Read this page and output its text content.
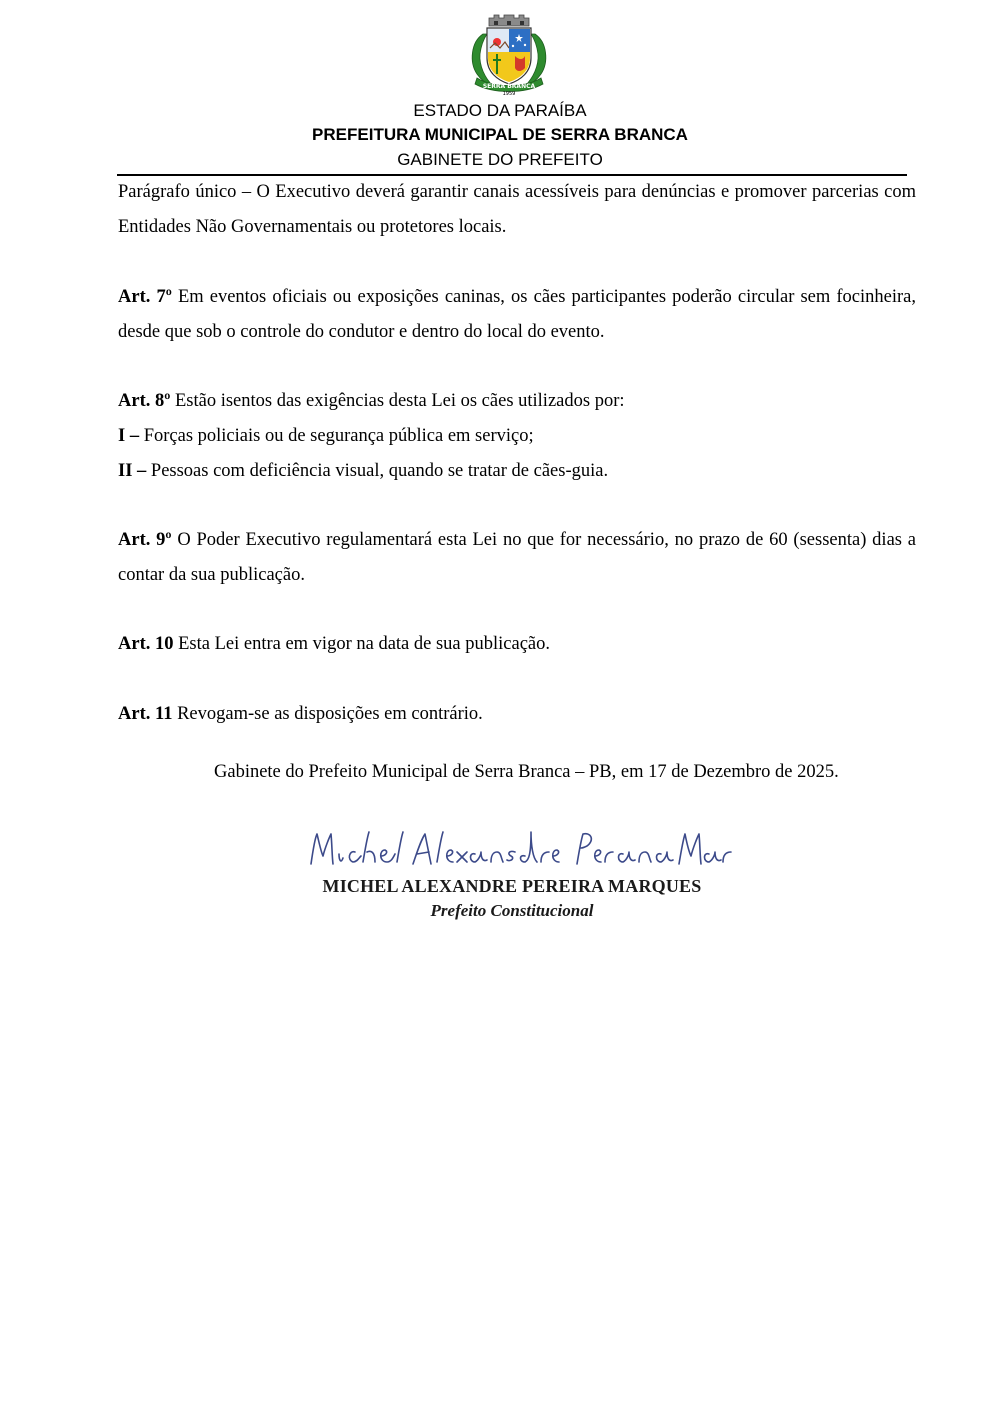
SERRA BRANCA
1959
ESTADO DA PARAÍBA
PREFEITURA MUNICIPAL DE SERRA BRANCA
GABINETE DO PREFEITO

Parágrafo único – O Executivo deverá garantir canais acessíveis para denúncias e promover parcerias com Entidades Não Governamentais ou protetores locais.

Art. 7º Em eventos oficiais ou exposições caninas, os cães participantes poderão circular sem focinheira, desde que sob o controle do condutor e dentro do local do evento.

Art. 8º Estão isentos das exigências desta Lei os cães utilizados por:

I – Forças policiais ou de segurança pública em serviço;

II – Pessoas com deficiência visual, quando se tratar de cães-guia.

Art. 9º O Poder Executivo regulamentará esta Lei no que for necessário, no prazo de 60 (sessenta) dias a contar da sua publicação.

Art. 10 Esta Lei entra em vigor na data de sua publicação.

Art. 11 Revogam-se as disposições em contrário.

Gabinete do Prefeito Municipal de Serra Branca – PB, em 17 de Dezembro de 2025.
Michel Alexandre Pereira Marques
MICHEL ALEXANDRE PEREIRA MARQUES
Prefeito Constitucional
